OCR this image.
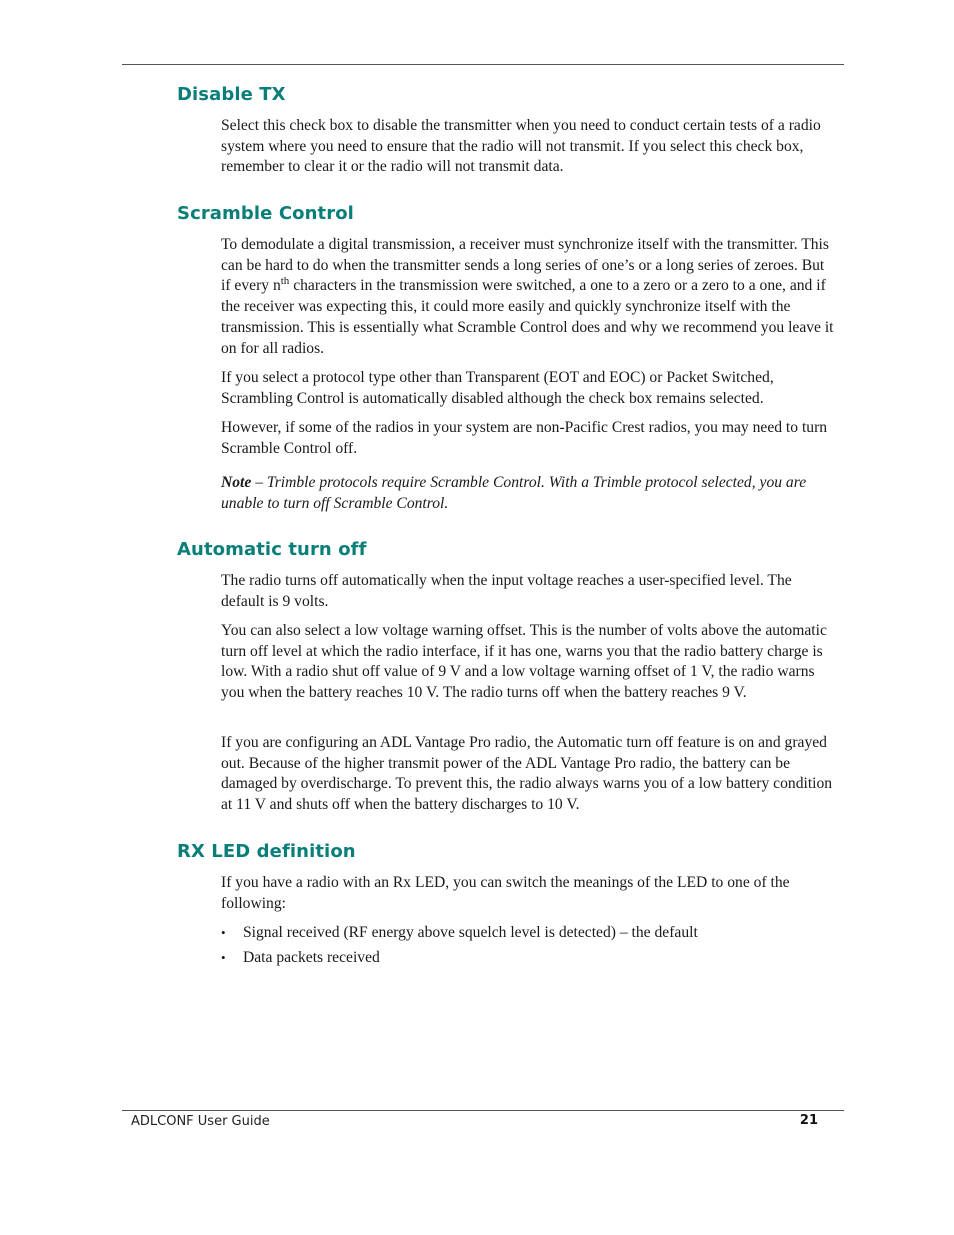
Disable TX

Select this check box to disable the transmitter when you need to conduct certain tests of a radio system where you need to ensure that the radio will not transmit. If you select this check box, remember to clear it or the radio will not transmit data.

Scramble Control

To demodulate a digital transmission, a receiver must synchronize itself with the transmitter. This can be hard to do when the transmitter sends a long series of one’s or a long series of zeroes. But if every $n^{th}$ characters in the transmission were switched, a one to a zero or a zero to a one, and if the receiver was expecting this, it could more easily and quickly synchronize itself with the transmission. This is essentially what Scramble Control does and why we recommend you leave it on for all radios.

If you select a protocol type other than Transparent (EOT and EOC) or Packet Switched, Scrambling Control is automatically disabled although the check box remains selected.

However, if some of the radios in your system are non-Pacific Crest radios, you may need to turn Scramble Control off.

Note – Trimble protocols require Scramble Control. With a Trimble protocol selected, you are unable to turn off Scramble Control.

Automatic turn off

The radio turns off automatically when the input voltage reaches a user-specified level. The default is 9 volts.

You can also select a low voltage warning offset. This is the number of volts above the automatic turn off level at which the radio interface, if it has one, warns you that the radio battery charge is low. With a radio shut off value of 9 V and a low voltage warning offset of 1 V, the radio warns you when the battery reaches 10 V. The radio turns off when the battery reaches 9 V.

If you are configuring an ADL Vantage Pro radio, the Automatic turn off feature is on and grayed out. Because of the higher transmit power of the ADL Vantage Pro radio, the battery can be damaged by overdischarge. To prevent this, the radio always warns you of a low battery condition at 11 V and shuts off when the battery discharges to 10 V.

RX LED definition

If you have a radio with an Rx LED, you can switch the meanings of the LED to one of the following:

• Signal received (RF energy above squelch level is detected) – the default
• Data packets received
ADLCONF User Guide	21
